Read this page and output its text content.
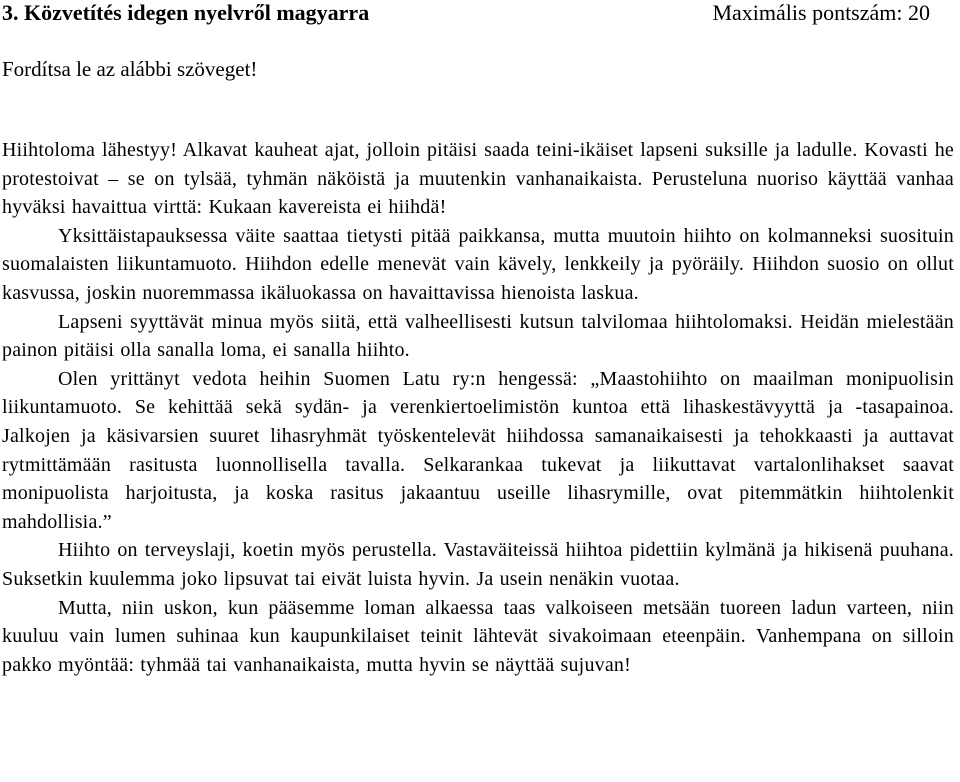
3. Közvetítés idegen nyelvről magyarra	Maximális pontszám: 20

Fordítsa le az alábbi szöveget!

Hiihtoloma lähestyy! Alkavat kauheat ajat, jolloin pitäisi saada teini-ikäiset lapseni suksille ja ladulle. Kovasti he protestoivat – se on tylsää, tyhmän näköistä ja muutenkin vanhanaikaista. Perusteluna nuoriso käyttää vanhaa hyväksi havaittua virttä: Kukaan kavereista ei hiihdä!

Yksittäistapauksessa väite saattaa tietysti pitää paikkansa, mutta muutoin hiihto on kolmanneksi suosituin suomalaisten liikuntamuoto. Hiihdon edelle menevät vain kävely, lenkkeily ja pyöräily. Hiihdon suosio on ollut kasvussa, joskin nuoremmassa ikäluokassa on havaittavissa hienoista laskua.

Lapseni syyttävät minua myös siitä, että valheellisesti kutsun talvilomaa hiihtolomaksi. Heidän mielestään painon pitäisi olla sanalla loma, ei sanalla hiihto.

Olen yrittänyt vedota heihin Suomen Latu ry:n hengessä: „Maastohiihto on maailman monipuolisin liikuntamuoto. Se kehittää sekä sydän- ja verenkiertoelimistön kuntoa että lihaskestävyyttä ja -tasapainoa. Jalkojen ja käsivarsien suuret lihasryhmät työskentelevät hiihdossa samanaikaisesti ja tehokkaasti ja auttavat rytmittämään rasitusta luonnollisella tavalla. Selkarankaa tukevat ja liikuttavat vartalonlihakset saavat monipuolista harjoitusta, ja koska rasitus jakaantuu useille lihasrymille, ovat pitemmätkin hiihtolenkit mahdollisia.”

Hiihto on terveyslaji, koetin myös perustella. Vastaväiteissä hiihtoa pidettiin kylmänä ja hikisenä puuhana. Suksetkin kuulemma joko lipsuvat tai eivät luista hyvin. Ja usein nenäkin vuotaa.

Mutta, niin uskon, kun pääsemme loman alkaessa taas valkoiseen metsään tuoreen ladun varteen, niin kuuluu vain lumen suhinaa kun kaupunkilaiset teinit lähtevät sivakoimaan eteenpäin. Vanhempana on silloin pakko myöntää: tyhmää tai vanhanaikaista, mutta hyvin se näyttää sujuvan!
